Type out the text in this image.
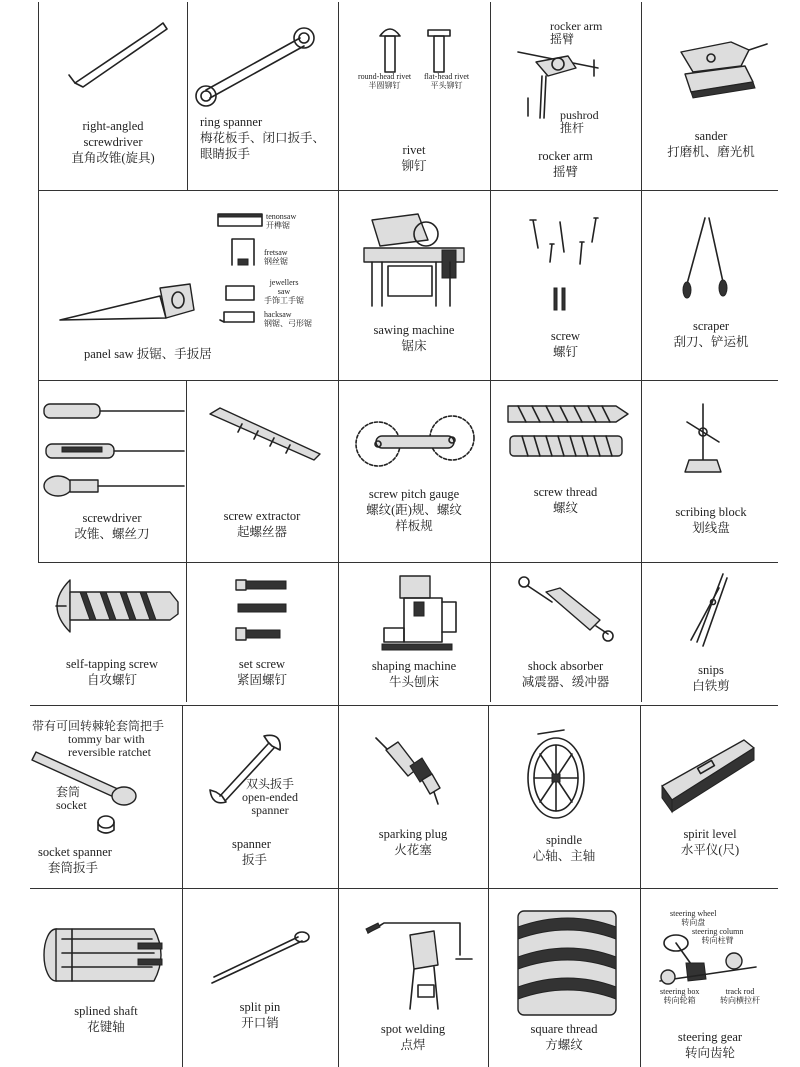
right-angled
screwdriver
直角改锥(旋具)
ring spanner
梅花板手、闭口扳手、
眼睛扳手
round-head rivet
半圆铆钉
flat-head rivet
平头铆钉
rivet
铆钉
rocker arm
摇臂
pushrod
推杆
rocker arm
摇臂
sander
打磨机、磨光机
tenonsaw
开榫锯
fretsaw
钢丝锯
jewellers
saw
手饰工手锯
hacksaw
钢锯、弓形锯
panel saw 扳锯、手扳居
sawing machine
锯床
screw
螺钉
scraper
刮刀、铲运机
screwdriver
改锥、螺丝刀
screw extractor
起螺丝器
screw pitch gauge
螺纹(距)规、螺纹
样板规
screw thread
螺纹	scribing block
划线盘
self-tapping screw
自攻螺钉
set screw
紧固螺钉
shaping machine
牛头刨床
shock absorber
减震器、缓冲器
snips
白铁剪
带有可回转棘轮套筒把手
tommy bar with
reversible ratchet
套筒
socket
socket spanner
套筒扳手
双头扳手
open-ended
spanner
spanner
扳手
sparking plug
火花塞
spindle
心轴、主轴
spirit level
水平仪(尺)
splined shaft
花键轴
split pin
开口销	spot welding
点焊
square thread
方螺纹
steering wheel
转向盘
steering column
转向柱臂
steering box
转向轮箱
track rod
转向横拉杆
steering gear
转向齿轮
